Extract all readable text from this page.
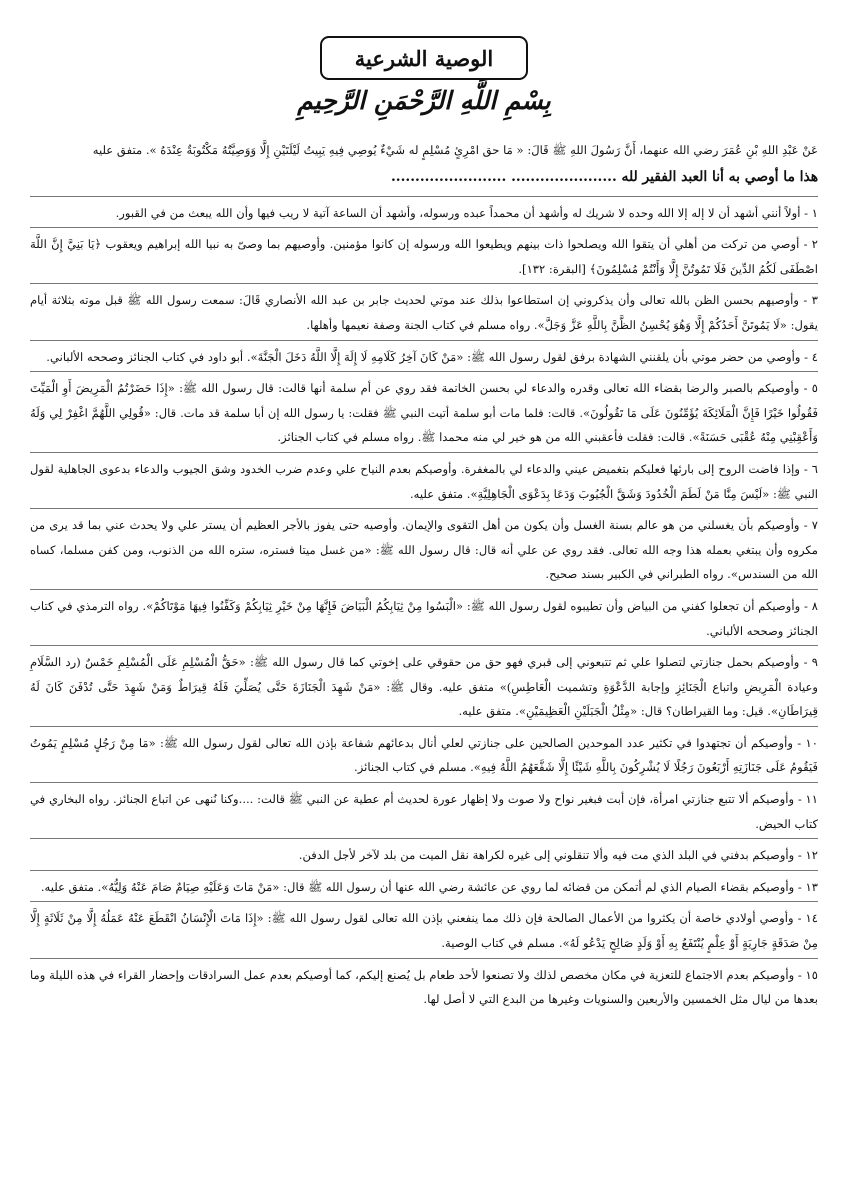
الوصية الشرعية
بِسْمِ اللَّهِ الرَّحْمَنِ الرَّحِيمِ

عَنْ عَبْدِ اللهِ بْنِ عُمَرَ رضي الله عنهما، أَنَّ رَسُولَ اللهِ ﷺ قَالَ: « مَا حق امْرِئٍ مُسْلِمٍ له شَيْءٌ يُوصِي فِيهِ يَبِيتُ لَيْلَتَيْنِ إِلَّا وَوَصِيَّتُهُ مَكْتُوبَةٌ عِنْدَهُ ». متفق عليه

هذا ما أوصي به أنا العبد الفقير لله ...................... ........................

١ - أولاً أنني أشهد أن لا إله إلا الله وحده لا شريك له وأشهد أن محمداً عبده ورسوله، وأشهد أن الساعة آتية لا ريب فيها وأن الله يبعث من في القبور.

٢ - أوصي من تركت من أهلي أن يتقوا الله ويصلحوا ذات بينهم ويطيعوا الله ورسوله إن كانوا مؤمنين. وأوصيهم بما وصىّ به نبيا الله إبراهيم ويعقوب ﴿يَا بَنِيَّ إِنَّ اللَّهَ اصْطَفَى لَكُمُ الدِّينَ فَلَا تَمُوتُنَّ إِلَّا وَأَنْتُمْ مُسْلِمُونَ﴾ [البقرة: ١٣٢].

٣ - وأوصيهم بحسن الظن بالله تعالى وأن يذكروني إن استطاعوا بذلك عند موتي لحديث جابر بن عبد الله الأنصاري قَالَ: سمعت رسول الله ﷺ قبل موته بثلاثة أيام يقول: «لَا يَمُوتَنَّ أَحَدُكُمْ إِلَّا وَهُوَ يُحْسِنُ الظَّنَّ بِاللَّهِ عَزَّ وَجَلَّ». رواه مسلم في كتاب الجنة وصفة نعيمها وأهلها.

٤ - وأوصي من حضر موتي بأن يلقنني الشهادة برفق لقول رسول الله ﷺ: «مَنْ كَانَ آخِرُ كَلَامِهِ لَا إِلَهَ إِلَّا اللَّهُ دَخَلَ الْجَنَّةَ». أبو داود في كتاب الجنائز وصححه الألباني.

٥ - وأوصيكم بالصبر والرضا بقضاء الله تعالى وقدره والدعاء لي بحسن الخاتمة فقد روي عن أم سلمة أنها قالت: قال رسول الله ﷺ: «إِذَا حَضَرْتُمُ الْمَرِيضَ أَوِ الْمَيِّتَ فَقُولُوا خَيْرًا فَإِنَّ الْمَلَائِكَةَ يُؤَمِّنُونَ عَلَى مَا تَقُولُونَ». قالت: فلما مات أبو سلمة أتيت النبي ﷺ فقلت: يا رسول الله إن أبا سلمة قد مات. قال: «قُولِي اللَّهُمَّ اغْفِرْ لِي وَلَهُ وَأَعْقِبْنِي مِنْهُ عُقْبَى حَسَنَةً». قالت: فقلت فأعقبني الله من هو خير لي منه محمدا ﷺ. رواه مسلم في كتاب الجنائز.

٦ - وإذا فاضت الروح إلى بارئها فعليكم بتغميض عيني والدعاء لي بالمغفرة. وأوصيكم بعدم النياح علي وعدم ضرب الخدود وشق الجيوب والدعاء بدعوى الجاهلية لقول النبي ﷺ: «لَيْسَ مِنَّا مَنْ لَطَمَ الْخُدُودَ وَشَقَّ الْجُيُوبَ وَدَعَا بِدَعْوَى الْجَاهِلِيَّةِ». متفق عليه.

٧ - وأوصيكم بأن يغسلني من هو عالم بسنة الغسل وأن يكون من أهل التقوى والإيمان. وأوصيه حتى يفوز بالأجر العظيم أن يستر علي ولا يحدث عني بما قد يرى من مكروه وأن يبتغي بعمله هذا وجه الله تعالى. فقد روي عن علي أنه قال: قال رسول الله ﷺ: «من غسل ميتا فستره، ستره الله من الذنوب، ومن كفن مسلما، كساه الله من السندس». رواه الطبراني في الكبير بسند صحيح.

٨ - وأوصيكم أن تجعلوا كفني من البياض وأن تطيبوه لقول رسول الله ﷺ: «الْبَسُوا مِنْ ثِيَابِكُمُ الْبَيَاضَ فَإِنَّهَا مِنْ خَيْرِ ثِيَابِكُمْ وَكَفِّنُوا فِيهَا مَوْتَاكُمْ». رواه الترمذي في كتاب الجنائز وصححه الألباني.

٩ - وأوصيكم بحمل جنازتي لتصلوا علي ثم تتبعوني إلى قبري فهو حق من حقوقي على إخوتي كما قال رسول الله ﷺ: «حَقُّ الْمُسْلِمِ عَلَى الْمُسْلِمِ خَمْسٌ (رد السَّلَامِ وعيادة الْمَرِيضِ واتباع الْجَنَائِزِ وإجابة الدَّعْوَةِ وتشميت الْعَاطِسِ)» متفق عليه. وقال ﷺ: «مَنْ شَهِدَ الْجَنَازَةَ حَتَّى يُصَلِّيَ فَلَهُ قِيرَاطٌ وَمَنْ شَهِدَ حَتَّى تُدْفَنَ كَانَ لَهُ قِيرَاطَانِ». قيل: وما القيراطان؟ قال: «مِثْلُ الْجَبَلَيْنِ الْعَظِيمَيْنِ». متفق عليه.

١٠ - وأوصيكم أن تجتهدوا في تكثير عدد الموحدين الصالحين على جنازتي لعلي أنال بدعائهم شفاعة بإذن الله تعالى لقول رسول الله ﷺ: «مَا مِنْ رَجُلٍ مُسْلِمٍ يَمُوتُ فَيَقُومُ عَلَى جَنَازَتِهِ أَرْبَعُونَ رَجُلًا لَا يُشْرِكُونَ بِاللَّهِ شَيْئًا إِلَّا شَفَّعَهُمُ اللَّهُ فِيهِ». مسلم في كتاب الجنائز.

١١ - وأوصيكم ألا تتبع جنازتي امرأة، فإن أبت فبغير نواح ولا صوت ولا إظهار عورة لحديث أم عطية عن النبي ﷺ قالت: ....وكنا نُنهى عن اتباع الجنائز. رواه البخاري في كتاب الحيض.

١٢ - وأوصيكم بدفني في البلد الذي مت فيه وألا تنقلوني إلى غيره لكراهة نقل الميت من بلد لآخر لأجل الدفن.

١٣ - وأوصيكم بقضاء الصيام الذي لم أتمكن من قضائه لما روي عن عائشة رضي الله عنها أن رسول الله ﷺ قال: «مَنْ مَاتَ وَعَلَيْهِ صِيَامٌ صَامَ عَنْهُ وَلِيُّهُ». متفق عليه.

١٤ - وأوصي أولادي خاصة أن يكثروا من الأعمال الصالحة فإن ذلك مما ينفعني بإذن الله تعالى لقول رسول الله ﷺ: «إِذَا مَاتَ الْإِنْسَانُ انْقَطَعَ عَنْهُ عَمَلُهُ إِلَّا مِنْ ثَلَاثَةٍ إِلَّا مِنْ صَدَقَةٍ جَارِيَةٍ أَوْ عِلْمٍ يُنْتَفَعُ بِهِ أَوْ وَلَدٍ صَالِحٍ يَدْعُو لَهُ». مسلم في كتاب الوصية.

١٥ - وأوصيكم بعدم الاجتماع للتعزية في مكان مخصص لذلك ولا تصنعوا لأحد طعام بل يُصنع إليكم، كما أوصيكم بعدم عمل السرادقات وإحضار القراء في هذه الليلة وما بعدها من ليال مثل الخمسين والأربعين والسنويات وغيرها من البدع التي لا أصل لها.
